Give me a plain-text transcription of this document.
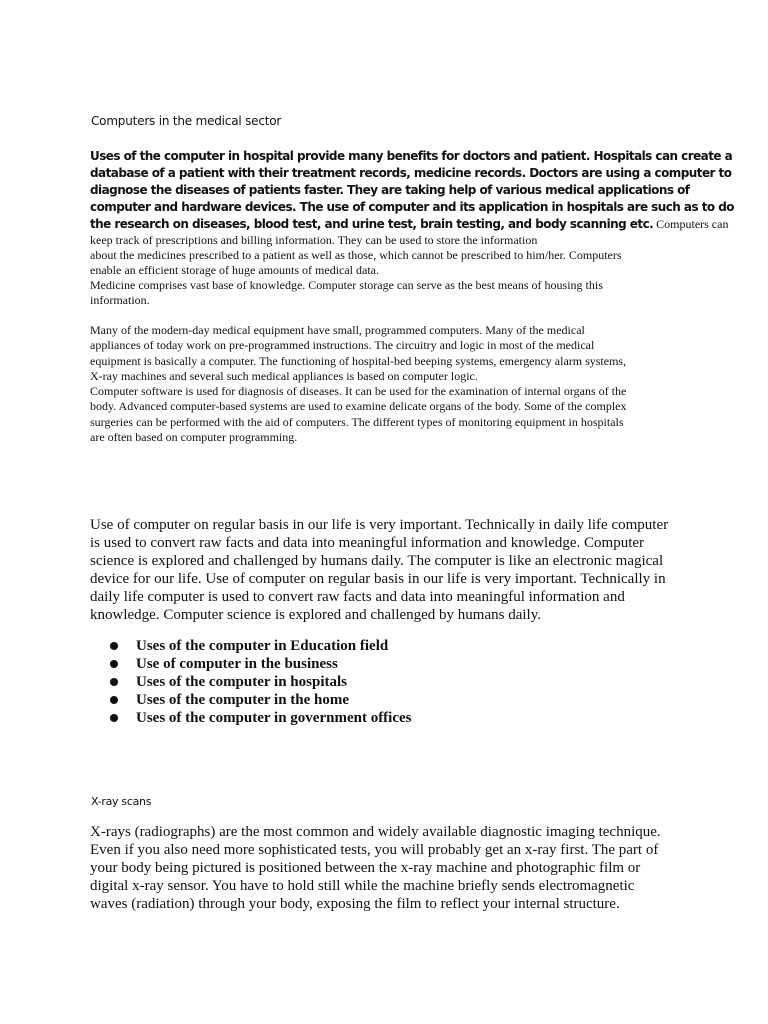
Computers in the medical sector
Uses of the computer in hospital provide many benefits for doctors and patient. Hospitals can create a
database of a patient with their treatment records, medicine records. Doctors are using a computer to
diagnose the diseases of patients faster. They are taking help of various medical applications of
computer and hardware devices. The use of computer and its application in hospitals are such as to do
the research on diseases, blood test, and urine test, brain testing, and body scanning etc. Computers can
keep track of prescriptions and billing information. They can be used to store the information
about the medicines prescribed to a patient as well as those, which cannot be prescribed to him/her. Computers
enable an efficient storage of huge amounts of medical data.
Medicine comprises vast base of knowledge. Computer storage can serve as the best means of housing this
information.
Many of the modern-day medical equipment have small, programmed computers. Many of the medical
appliances of today work on pre-programmed instructions. The circuitry and logic in most of the medical
equipment is basically a computer. The functioning of hospital-bed beeping systems, emergency alarm systems,
X-ray machines and several such medical appliances is based on computer logic.
Computer software is used for diagnosis of diseases. It can be used for the examination of internal organs of the
body. Advanced computer-based systems are used to examine delicate organs of the body. Some of the complex
surgeries can be performed with the aid of computers. The different types of monitoring equipment in hospitals
are often based on computer programming.
Use of computer on regular basis in our life is very important. Technically in daily life computer
is used to convert raw facts and data into meaningful information and knowledge. Computer
science is explored and challenged by humans daily. The computer is like an electronic magical
device for our life. Use of computer on regular basis in our life is very important. Technically in
daily life computer is used to convert raw facts and data into meaningful information and
knowledge. Computer science is explored and challenged by humans daily.
Uses of the computer in Education field
Use of computer in the business
Uses of the computer in hospitals
Uses of the computer in the home
Uses of the computer in government offices
X-ray scans
X-rays (radiographs) are the most common and widely available diagnostic imaging technique.
Even if you also need more sophisticated tests, you will probably get an x-ray first. The part of
your body being pictured is positioned between the x-ray machine and photographic film or
digital x-ray sensor. You have to hold still while the machine briefly sends electromagnetic
waves (radiation) through your body, exposing the film to reflect your internal structure.
